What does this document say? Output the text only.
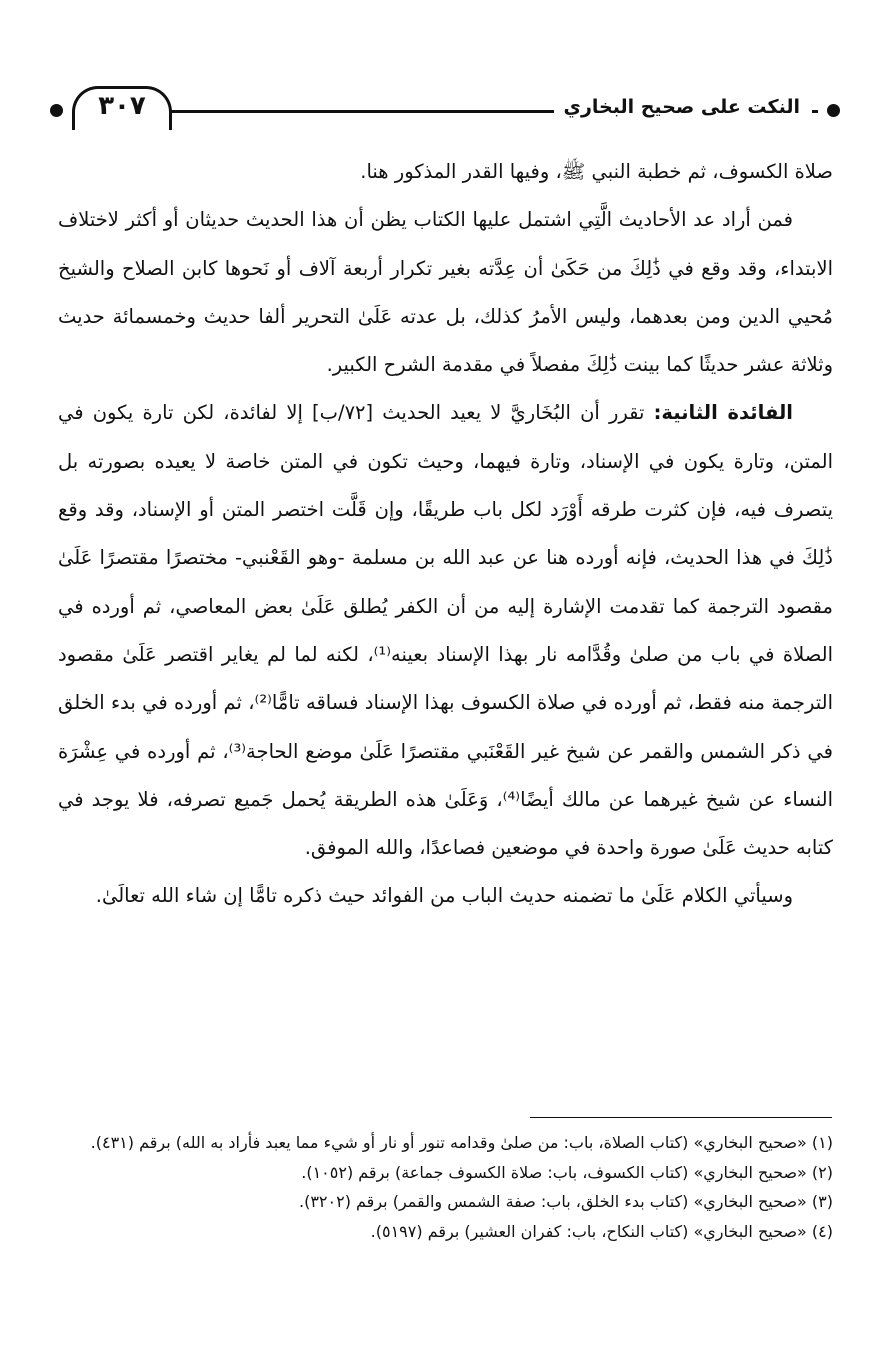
٣٠٧	النكت على صحيح البخاري

صلاة الكسوف، ثم خطبة النبي ﷺ، وفيها القدر المذكور هنا.

فمن أراد عد الأحاديث الَّتِي اشتمل عليها الكتاب يظن أن هذا الحديث حديثان أو أكثر لاختلاف الابتداء، وقد وقع في ذَٰلِكَ من حَكَىٰ أن عِدَّته بغير تكرار أربعة آلاف أو نَحوها كابن الصلاح والشيخ مُحيي الدين ومن بعدهما، وليس الأمرُ كذلك، بل عدته عَلَىٰ التحرير ألفا حديث وخمسمائة حديث وثلاثة عشر حديثًا كما بينت ذَٰلِكَ مفصلاً في مقدمة الشرح الكبير.

الفائدة الثانية: تقرر أن البُخَاريَّ لا يعيد الحديث [٧٢/ب] إلا لفائدة، لكن تارة يكون في المتن، وتارة يكون في الإسناد، وتارة فيهما، وحيث تكون في المتن خاصة لا يعيده بصورته بل يتصرف فيه، فإن كثرت طرقه أَوْرَد لكل باب طريقًا، وإن قَلَّت اختصر المتن أو الإسناد، وقد وقع ذَٰلِكَ في هذا الحديث، فإنه أورده هنا عن عبد الله بن مسلمة -وهو القَعْنبي- مختصرًا مقتصرًا عَلَىٰ مقصود الترجمة كما تقدمت الإشارة إليه من أن الكفر يُطلق عَلَىٰ بعض المعاصي، ثم أورده في الصلاة في باب من صلىٰ وقُدَّامه نار بهذا الإسناد بعينه⁽¹⁾، لكنه لما لم يغاير اقتصر عَلَىٰ مقصود الترجمة منه فقط، ثم أورده في صلاة الكسوف بهذا الإسناد فساقه تامًّا⁽²⁾، ثم أورده في بدء الخلق في ذكر الشمس والقمر عن شيخ غير القَعْنَبي مقتصرًا عَلَىٰ موضع الحاجة⁽³⁾، ثم أورده في عِشْرَة النساء عن شيخ غيرهما عن مالك أيضًا⁽⁴⁾، وَعَلَىٰ هذه الطريقة يُحمل جَميع تصرفه، فلا يوجد في كتابه حديث عَلَىٰ صورة واحدة في موضعين فصاعدًا، والله الموفق.

وسيأتي الكلام عَلَىٰ ما تضمنه حديث الباب من الفوائد حيث ذكره تامًّا إن شاء الله تعالَىٰ.

(١) «صحيح البخاري» (كتاب الصلاة، باب: من صلىٰ وقدامه تنور أو نار أو شيء مما يعبد فأراد به الله) برقم (٤٣١).

(٢) «صحيح البخاري» (كتاب الكسوف، باب: صلاة الكسوف جماعة) برقم (١٠٥٢).

(٣) «صحيح البخاري» (كتاب بدء الخلق، باب: صفة الشمس والقمر) برقم (٣٢٠٢).

(٤) «صحيح البخاري» (كتاب النكاح، باب: كفران العشير) برقم (٥١٩٧).
